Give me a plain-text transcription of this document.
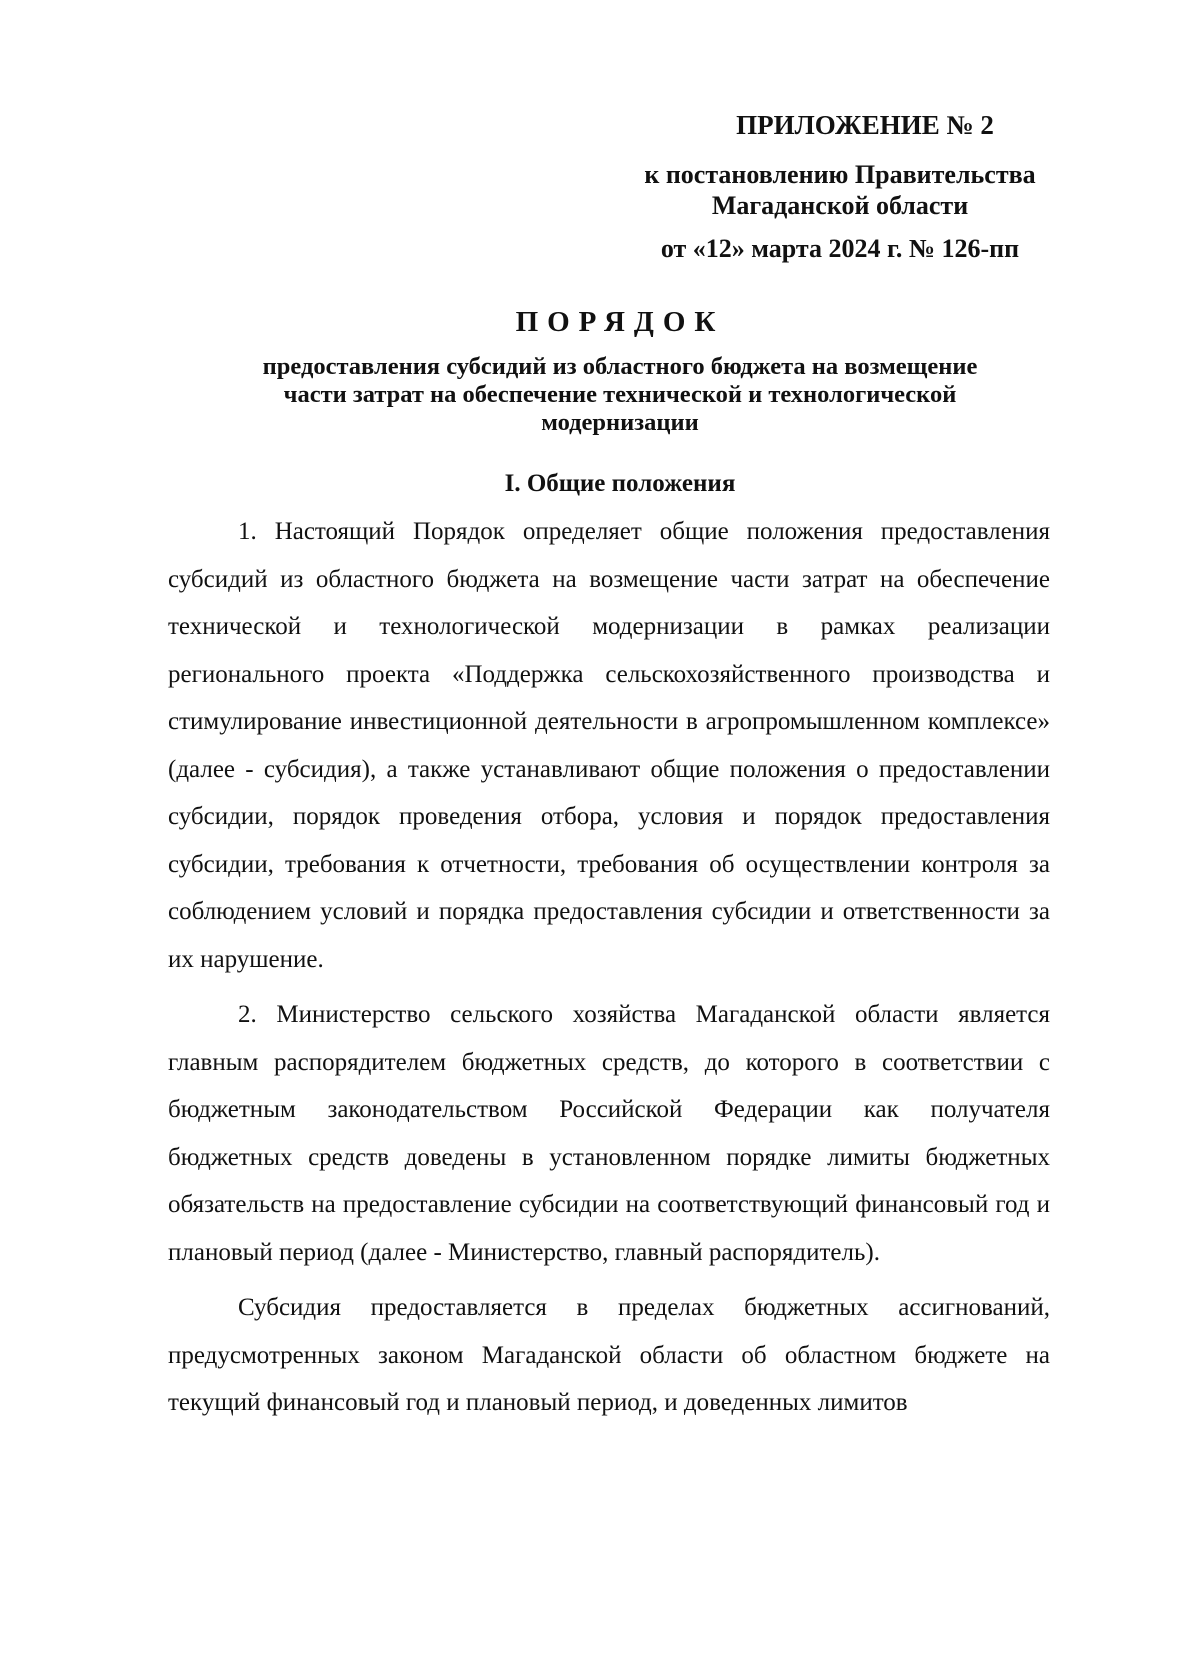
ПРИЛОЖЕНИЕ № 2
к постановлению Правительства
Магаданской области
от «12» марта 2024 г. № 126-пп
ПОРЯДОК
предоставления субсидий из областного бюджета на возмещение
части затрат на обеспечение технической и технологической
модернизации
I. Общие положения

1. Настоящий Порядок определяет общие положения предоставления субсидий из областного бюджета на возмещение части затрат на обеспечение технической и технологической модернизации в рамках реализации регионального проекта «Поддержка сельскохозяйственного производства и стимулирование инвестиционной деятельности в агропромышленном комплексе» (далее - субсидия), а также устанавливают общие положения о предоставлении субсидии, порядок проведения отбора, условия и порядок предоставления субсидии, требования к отчетности, требования об осуществлении контроля за соблюдением условий и порядка предоставления субсидии и ответственности за их нарушение.

2. Министерство сельского хозяйства Магаданской области является главным распорядителем бюджетных средств, до которого в соответствии с бюджетным законодательством Российской Федерации как получателя бюджетных средств доведены в установленном порядке лимиты бюджетных обязательств на предоставление субсидии на соответствующий финансовый год и плановый период (далее - Министерство, главный распорядитель).

Субсидия предоставляется в пределах бюджетных ассигнований, предусмотренных законом Магаданской области об областном бюджете на текущий финансовый год и плановый период, и доведенных лимитов
